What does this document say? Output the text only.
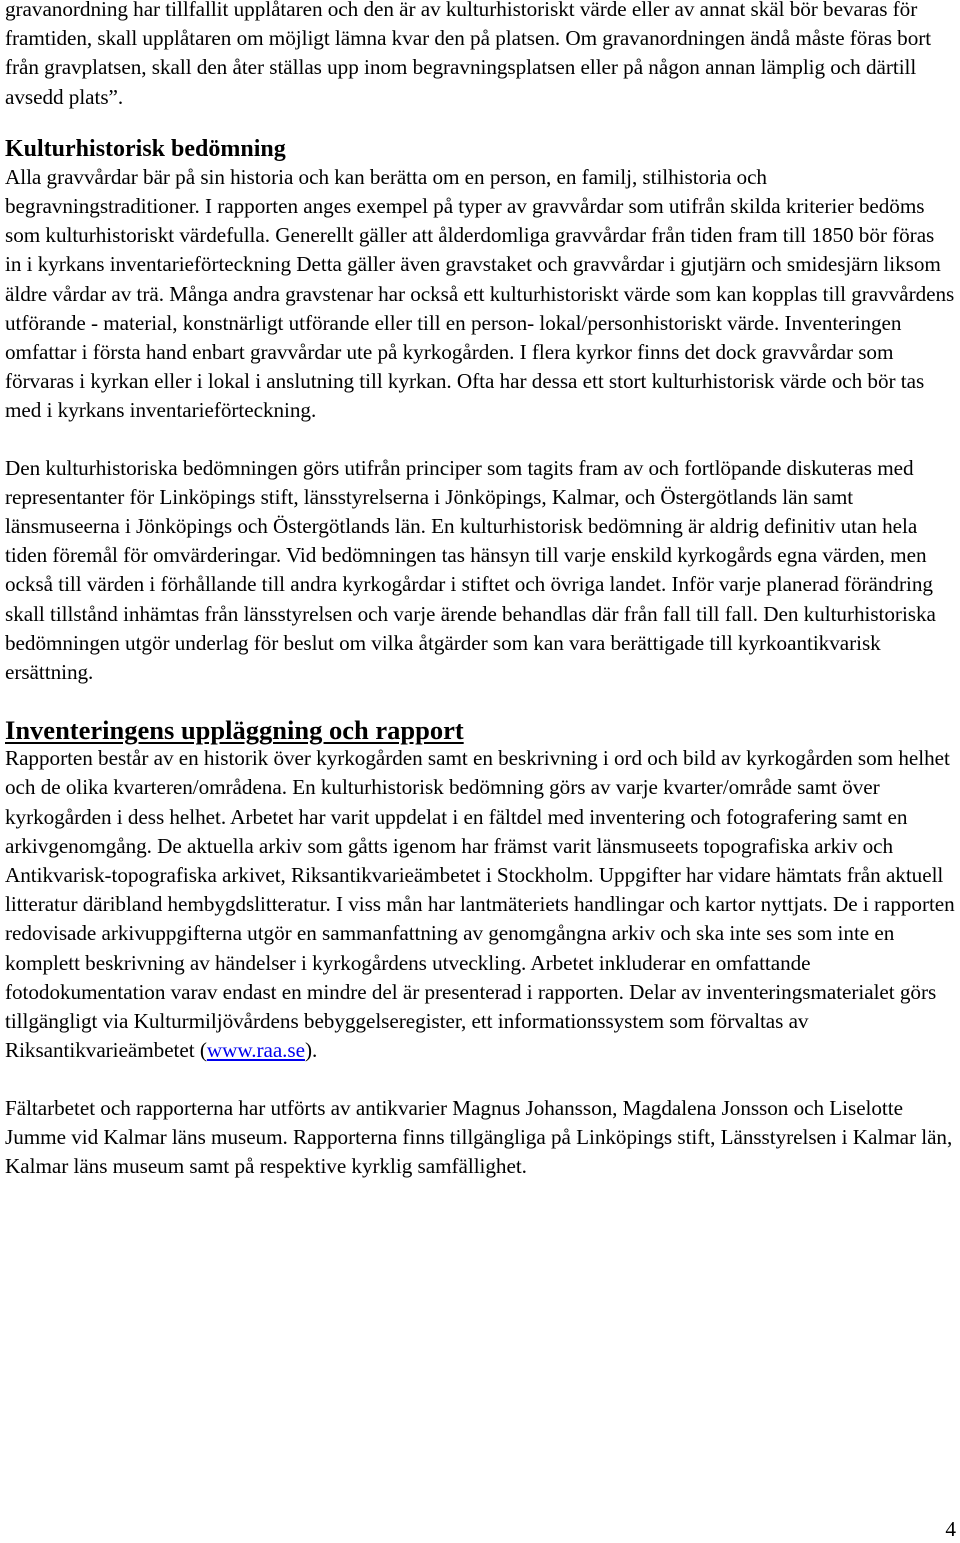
gravanordning har tillfallit upplåtaren och den är av kulturhistoriskt värde eller av annat skäl bör bevaras för framtiden, skall upplåtaren om möjligt lämna kvar den på platsen. Om gravanordningen ändå måste föras bort från gravplatsen, skall den åter ställas upp inom begravningsplatsen eller på någon annan lämplig och därtill avsedd plats”.

Kulturhistorisk bedömning

Alla gravvårdar bär på sin historia och kan berätta om en person, en familj, stilhistoria och begravningstraditioner. I rapporten anges exempel på typer av gravvårdar som utifrån skilda kriterier bedöms som kulturhistoriskt värdefulla. Generellt gäller att ålderdomliga gravvårdar från tiden fram till 1850 bör föras in i kyrkans inventarieförteckning Detta gäller även gravstaket och gravvårdar i gjutjärn och smidesjärn liksom äldre vårdar av trä. Många andra gravstenar har också ett kulturhistoriskt värde som kan kopplas till gravvårdens utförande - material, konstnärligt utförande eller till en person- lokal/personhistoriskt värde. Inventeringen omfattar i första hand enbart gravvårdar ute på kyrkogården. I flera kyrkor finns det dock gravvårdar som förvaras i kyrkan eller i lokal i anslutning till kyrkan. Ofta har dessa ett stort kulturhistorisk värde och bör tas med i kyrkans inventarieförteckning.

Den kulturhistoriska bedömningen görs utifrån principer som tagits fram av och fortlöpande diskuteras med representanter för Linköpings stift, länsstyrelserna i Jönköpings, Kalmar, och Östergötlands län samt länsmuseerna i Jönköpings och Östergötlands län. En kulturhistorisk bedömning är aldrig definitiv utan hela tiden föremål för omvärderingar. Vid bedömningen tas hänsyn till varje enskild kyrkogårds egna värden, men också till värden i förhållande till andra kyrkogårdar i stiftet och övriga landet. Inför varje planerad förändring skall tillstånd inhämtas från länsstyrelsen och varje ärende behandlas där från fall till fall. Den kulturhistoriska bedömningen utgör underlag för beslut om vilka åtgärder som kan vara berättigade till kyrkoantikvarisk ersättning.

Inventeringens uppläggning och rapport

Rapporten består av en historik över kyrkogården samt en beskrivning i ord och bild av kyrkogården som helhet och de olika kvarteren/områdena. En kulturhistorisk bedömning görs av varje kvarter/område samt över kyrkogården i dess helhet. Arbetet har varit uppdelat i en fältdel med inventering och fotografering samt en arkivgenomgång. De aktuella arkiv som gåtts igenom har främst varit länsmuseets topografiska arkiv och Antikvarisk-topografiska arkivet, Riksantikvarieämbetet i Stockholm. Uppgifter har vidare hämtats från aktuell litteratur däribland hembygdslitteratur. I viss mån har lantmäteriets handlingar och kartor nyttjats. De i rapporten redovisade arkivuppgifterna utgör en sammanfattning av genomgångna arkiv och ska inte ses som inte en komplett beskrivning av händelser i kyrkogårdens utveckling. Arbetet inkluderar en omfattande fotodokumentation varav endast en mindre del är presenterad i rapporten. Delar av inventeringsmaterialet görs tillgängligt via Kulturmiljövårdens bebyggelseregister, ett informationssystem som förvaltas av Riksantikvarieämbetet (www.raa.se).

Fältarbetet och rapporterna har utförts av antikvarier Magnus Johansson, Magdalena Jonsson och Liselotte Jumme vid Kalmar läns museum. Rapporterna finns tillgängliga på Linköpings stift, Länsstyrelsen i Kalmar län, Kalmar läns museum samt på respektive kyrklig samfällighet.

4
